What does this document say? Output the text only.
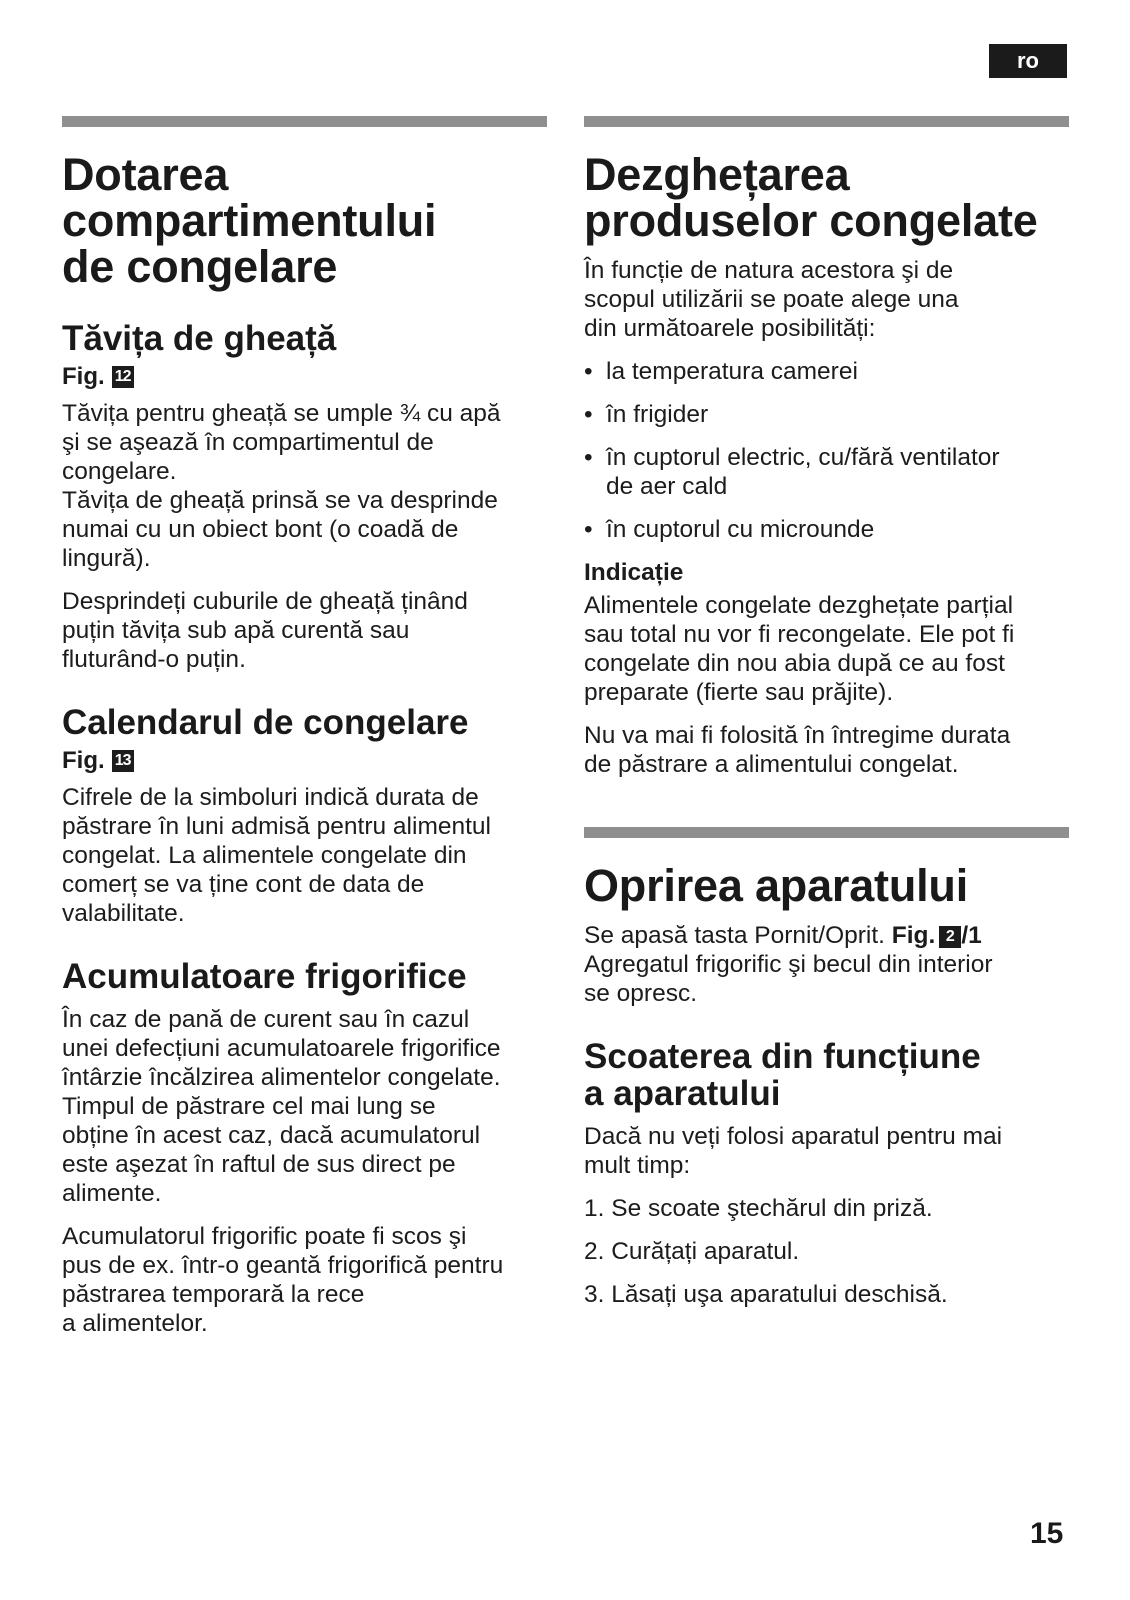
ro
Dotarea
compartimentului
de congelare
Tăvița de gheață
Fig. 12

Tăvița pentru gheață se umple ¾ cu apă
şi se aşează în compartimentul de
congelare.
Tăvița de gheață prinsă se va desprinde
numai cu un obiect bont (o coadă de
lingură).

Desprindeți cuburile de gheață ținând
puțin tăvița sub apă curentă sau
fluturând-o puțin.

Calendarul de congelare
Fig. 13

Cifrele de la simboluri indică durata de
păstrare în luni admisă pentru alimentul
congelat. La alimentele congelate din
comerț se va ține cont de data de
valabilitate.

Acumulatoare frigorifice

În caz de pană de curent sau în cazul
unei defecțiuni acumulatoarele frigorifice
întârzie încălzirea alimentelor congelate.
Timpul de păstrare cel mai lung se
obține în acest caz, dacă acumulatorul
este aşezat în raftul de sus direct pe
alimente.

Acumulatorul frigorific poate fi scos şi
pus de ex. într-o geantă frigorifică pentru
păstrarea temporară la rece
a alimentelor.

Dezghețarea
produselor congelate

În funcție de natura acestora şi de
scopul utilizării se poate alege una
din următoarele posibilități:

• la temperatura camerei
• în frigider
• în cuptorul electric, cu/fără ventilator
de aer cald
• în cuptorul cu microunde
Indicație

Alimentele congelate dezghețate parțial
sau total nu vor fi recongelate. Ele pot fi
congelate din nou abia după ce au fost
preparate (fierte sau prăjite).

Nu va mai fi folosită în întregime durata
de păstrare a alimentului congelat.

Oprirea aparatului

Se apasă tasta Pornit/Oprit. Fig. 2 /1
Agregatul frigorific şi becul din interior
se opresc.

Scoaterea din funcțiune
a aparatului

Dacă nu veți folosi aparatul pentru mai
mult timp:

1. Se scoate ştechărul din priză.
2. Curățați aparatul.
3. Lăsați uşa aparatului deschisă.
15
